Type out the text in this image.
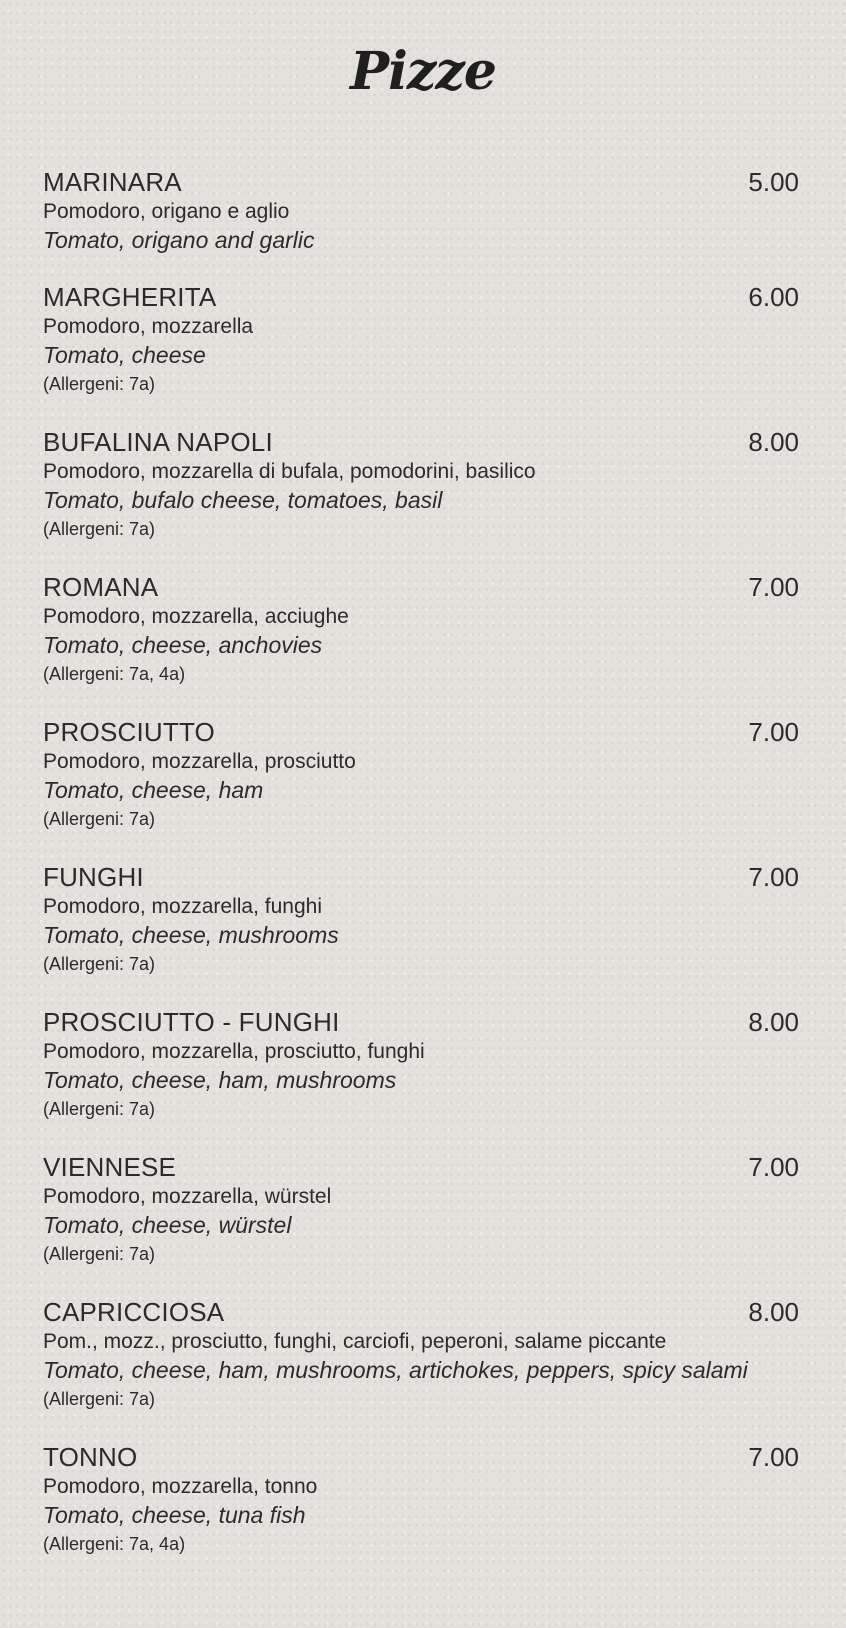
Pizze
MARINARA	5.00
Pomodoro, origano e aglio
Tomato, origano and garlic
MARGHERITA	6.00
Pomodoro, mozzarella
Tomato, cheese
(Allergeni: 7a)
BUFALINA NAPOLI	8.00
Pomodoro, mozzarella di bufala, pomodorini, basilico
Tomato, bufalo cheese, tomatoes, basil
(Allergeni: 7a)
ROMANA	7.00
Pomodoro, mozzarella, acciughe
Tomato, cheese, anchovies
(Allergeni: 7a, 4a)
PROSCIUTTO	7.00
Pomodoro, mozzarella, prosciutto
Tomato, cheese, ham
(Allergeni: 7a)
FUNGHI	7.00
Pomodoro, mozzarella, funghi
Tomato, cheese, mushrooms
(Allergeni: 7a)
PROSCIUTTO - FUNGHI	8.00
Pomodoro, mozzarella, prosciutto, funghi
Tomato, cheese, ham, mushrooms
(Allergeni: 7a)
VIENNESE	7.00
Pomodoro, mozzarella, würstel
Tomato, cheese, würstel
(Allergeni: 7a)
CAPRICCIOSA	8.00
Pom., mozz., prosciutto, funghi, carciofi, peperoni, salame piccante
Tomato, cheese, ham, mushrooms, artichokes, peppers, spicy salami
(Allergeni: 7a)
TONNO	7.00
Pomodoro, mozzarella, tonno
Tomato, cheese, tuna fish
(Allergeni: 7a, 4a)
